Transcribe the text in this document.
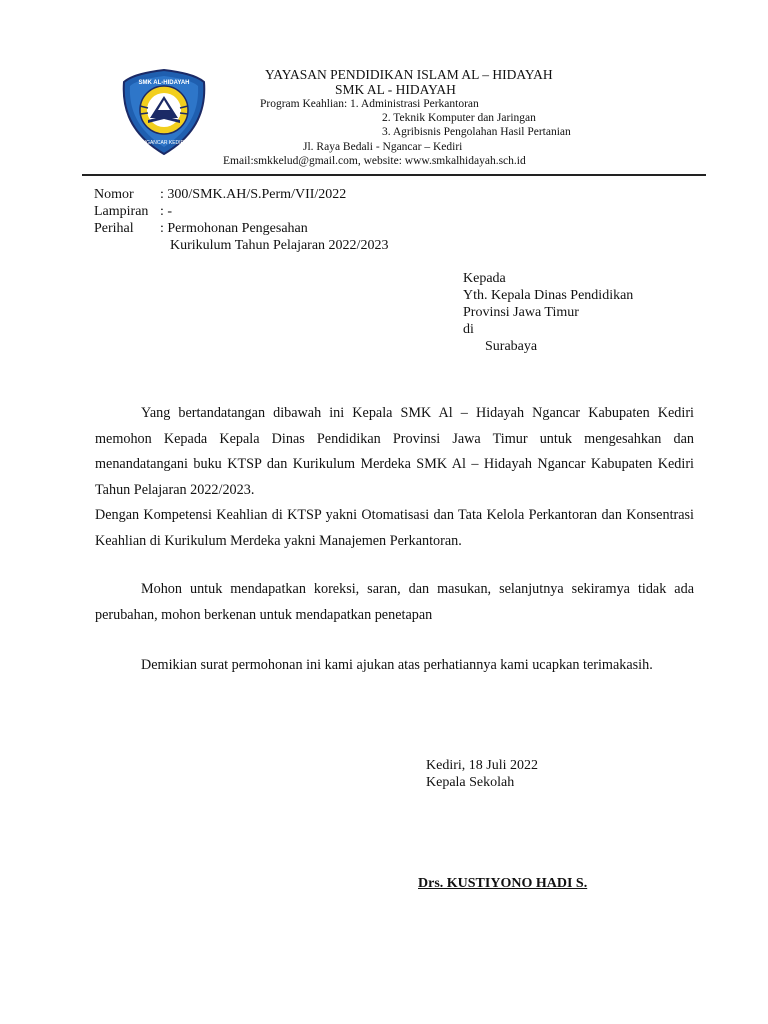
SMK AL-HIDAYAH
NGANCAR KEDIRI
YAYASAN PENDIDIKAN ISLAM AL – HIDAYAH
SMK AL - HIDAYAH
Program Keahlian: 1. Administrasi Perkantoran
2. Teknik Komputer dan Jaringan
3. Agribisnis Pengolahan Hasil Pertanian
Jl. Raya Bedali - Ngancar – Kediri
Email:smkkelud@gmail.com, website: www.smkalhidayah.sch.id
Nomor : 300/SMK.AH/S.Perm/VII/2022
Lampiran : -
Perihal : Permohonan Pengesahan
Kurikulum Tahun Pelajaran 2022/2023
Kepada
Yth. Kepala Dinas Pendidikan
Provinsi Jawa Timur
di
Surabaya
Yang bertandatangan dibawah ini Kepala SMK Al – Hidayah Ngancar Kabupaten Kediri memohon Kepada Kepala Dinas Pendidikan Provinsi Jawa Timur untuk mengesahkan dan menandatangani buku KTSP dan Kurikulum Merdeka SMK Al – Hidayah Ngancar Kabupaten Kediri Tahun Pelajaran 2022/2023.
Dengan Kompetensi Keahlian di KTSP yakni Otomatisasi dan Tata Kelola Perkantoran dan Konsentrasi Keahlian di Kurikulum Merdeka yakni Manajemen Perkantoran.
Mohon untuk mendapatkan koreksi, saran, dan masukan, selanjutnya sekiramya tidak ada perubahan, mohon berkenan untuk mendapatkan penetapan
Demikian surat permohonan ini kami ajukan atas perhatiannya kami ucapkan terimakasih.
Kediri, 18 Juli 2022
Kepala Sekolah
Drs. KUSTIYONO HADI S.
